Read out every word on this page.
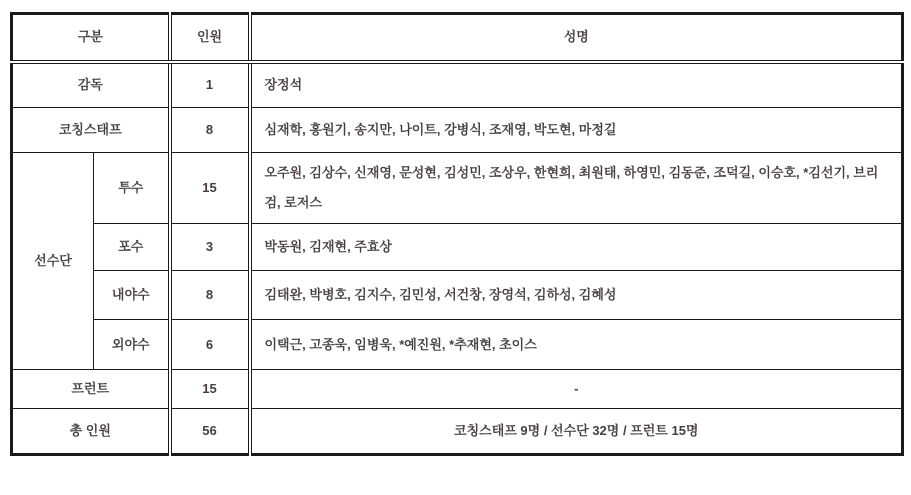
구분		인원	성명
감독		1	장정석
코칭스태프		8	심재학, 홍원기, 송지만, 나이트, 강병식, 조재영, 박도현, 마정길
선수단	투수	15	오주원, 김상수, 신재영, 문성현, 김성민, 조상우, 한현희, 최원태, 하영민, 김동준, 조덕길, 이승호, *김선기, 브리검, 로저스
	포수	3	박동원, 김재현, 주효상
	내야수	8	김태완, 박병호, 김지수, 김민성, 서건창, 장영석, 김하성, 김혜성
	외야수	6	이택근, 고종욱, 임병욱, *예진원, *추재현, 초이스
프런트		15	-
총 인원		56	코칭스태프 9명 / 선수단 32명 / 프런트 15명
